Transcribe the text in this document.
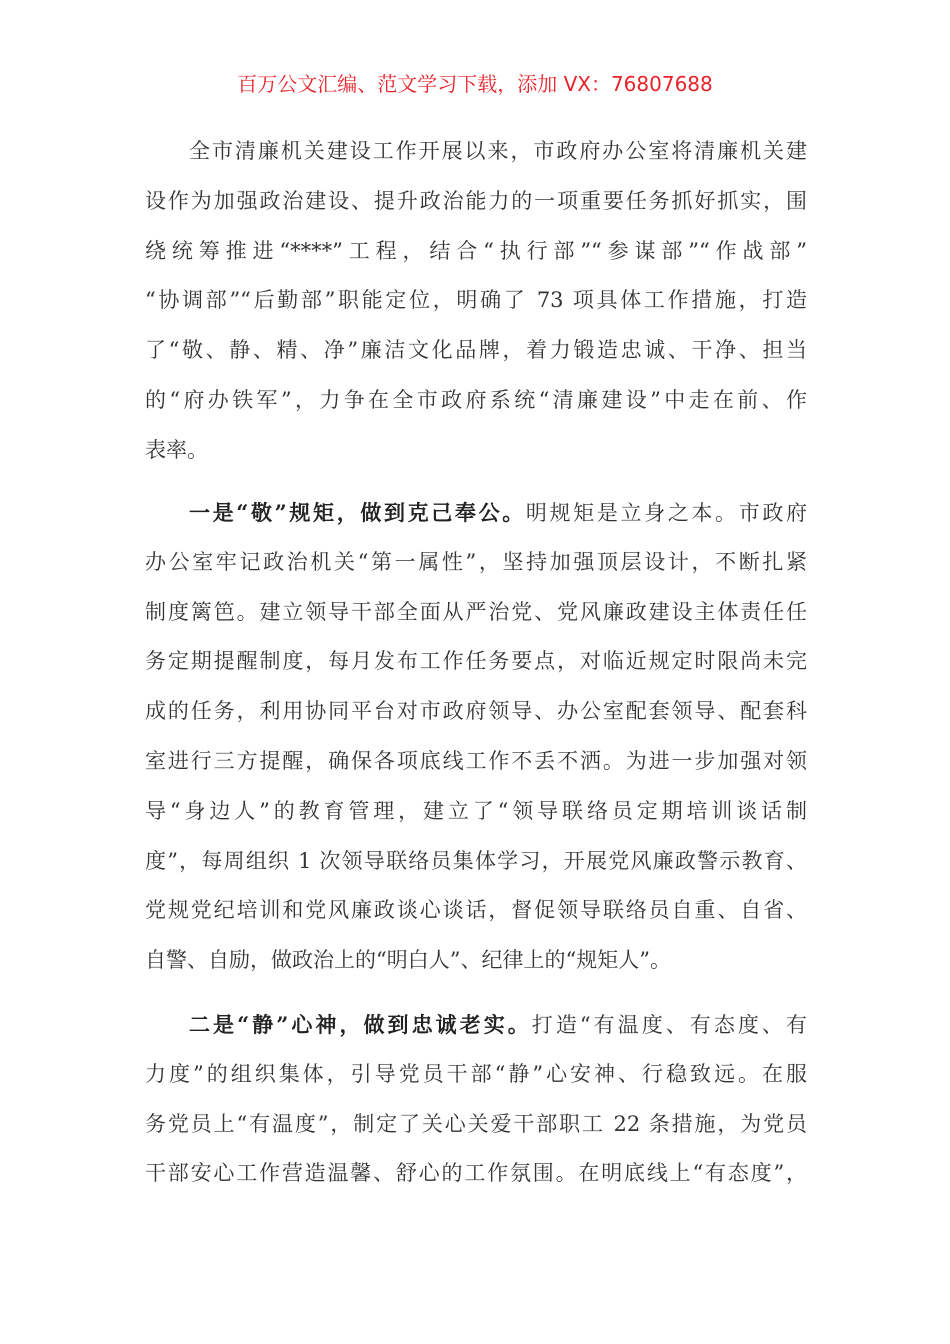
百万公文汇编、范文学习下载，添加 VX：76807688
全市清廉机关建设工作开展以来，市政府办公室将清廉机关建
设作为加强政治建设、提升政治能力的一项重要任务抓好抓实，围
绕统筹推进“****”工程，结合“执行部”“参谋部”“作战部”
“协调部”“后勤部”职能定位，明确了 73 项具体工作措施，打造
了“敬、静、精、净”廉洁文化品牌，着力锻造忠诚、干净、担当
的“府办铁军”，力争在全市政府系统“清廉建设”中走在前、作
表率。
一是“敬”规矩，做到克己奉公。明规矩是立身之本。市政府
办公室牢记政治机关“第一属性”，坚持加强顶层设计，不断扎紧
制度篱笆。建立领导干部全面从严治党、党风廉政建设主体责任任
务定期提醒制度，每月发布工作任务要点，对临近规定时限尚未完
成的任务，利用协同平台对市政府领导、办公室配套领导、配套科
室进行三方提醒，确保各项底线工作不丢不洒。为进一步加强对领
导“身边人”的教育管理，建立了“领导联络员定期培训谈话制
度”，每周组织 1 次领导联络员集体学习，开展党风廉政警示教育、
党规党纪培训和党风廉政谈心谈话，督促领导联络员自重、自省、
自警、自励，做政治上的“明白人”、纪律上的“规矩人”。
二是“静”心神，做到忠诚老实。打造“有温度、有态度、有
力度”的组织集体，引导党员干部“静”心安神、行稳致远。在服
务党员上“有温度”，制定了关心关爱干部职工 22 条措施，为党员
干部安心工作营造温馨、舒心的工作氛围。在明底线上“有态度”，
